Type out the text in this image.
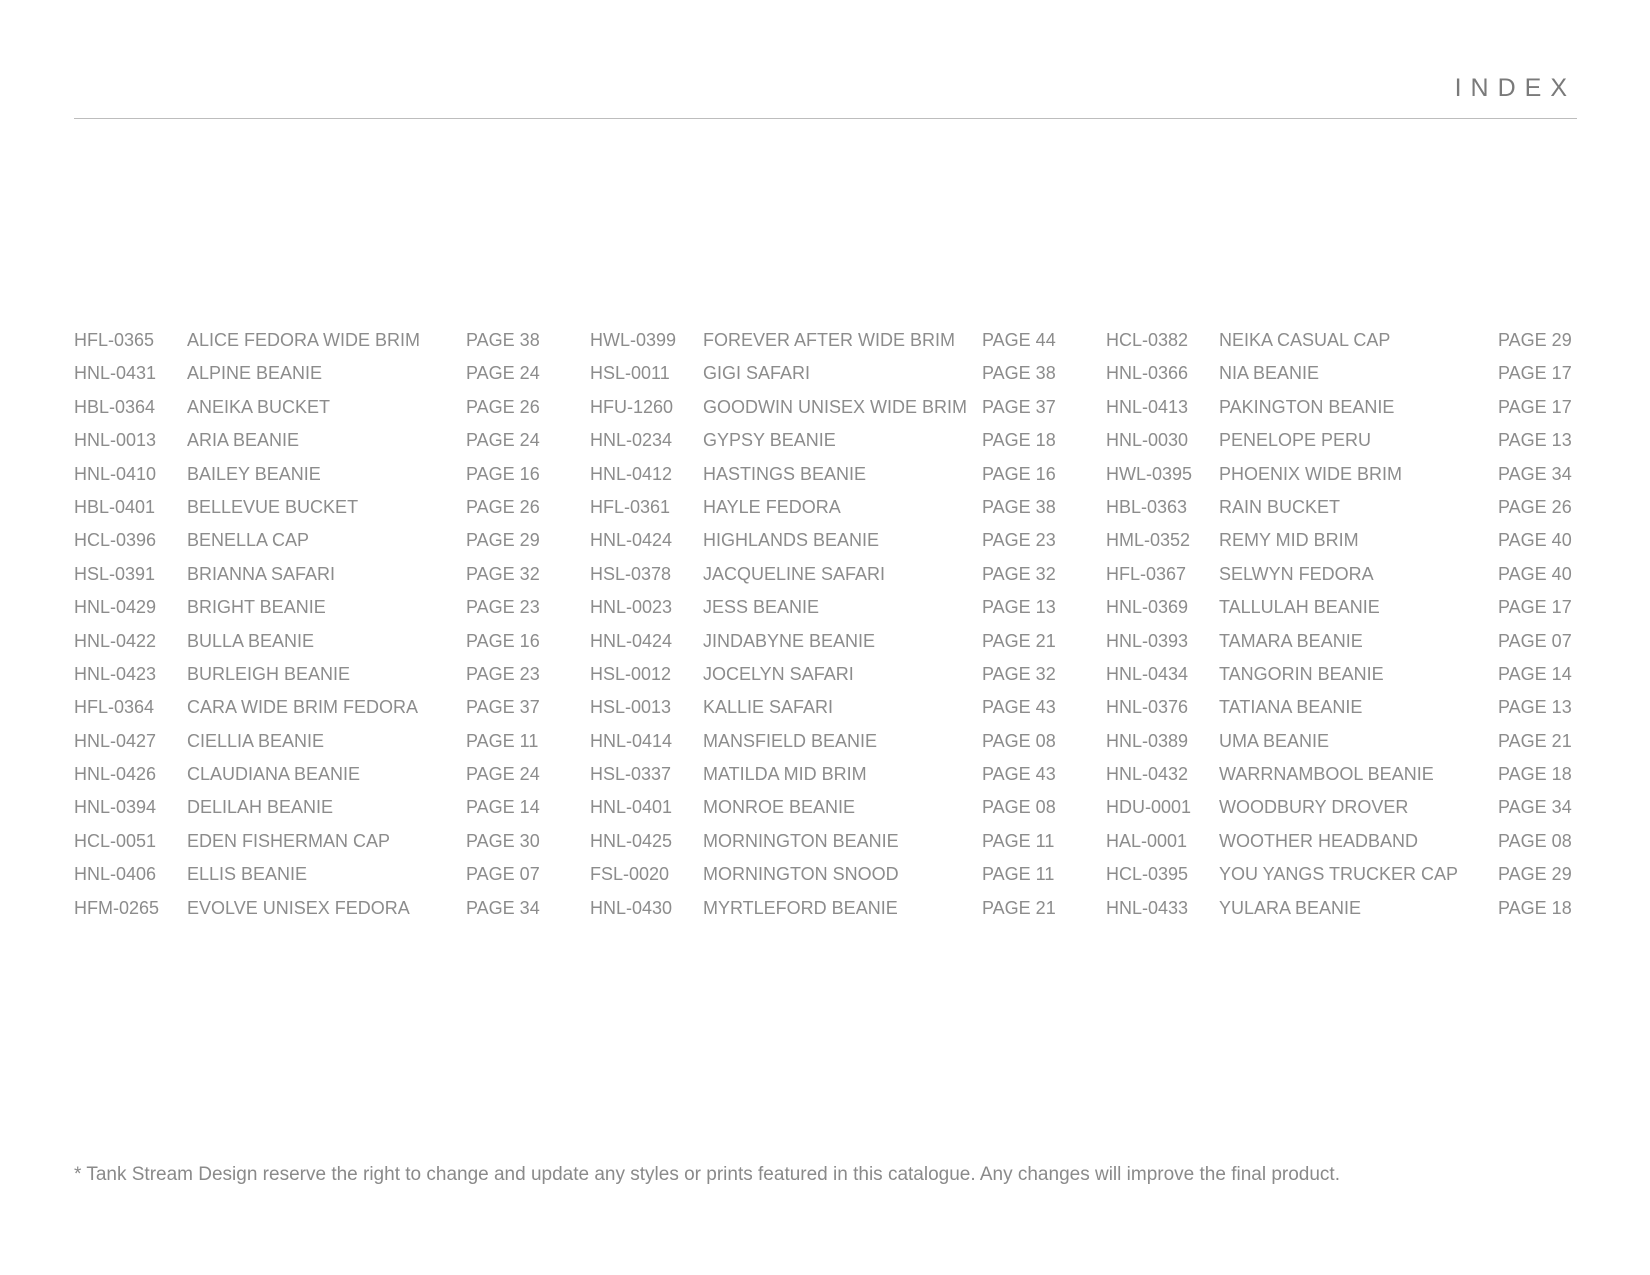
INDEX
HFL-0365 ALICE FEDORA WIDE BRIM	PAGE 38
HNL-0431 ALPINE BEANIE	PAGE 24
HBL-0364 ANEIKA BUCKET	PAGE 26
HNL-0013 ARIA BEANIE	PAGE 24
HNL-0410 BAILEY BEANIE	PAGE 16
HBL-0401 BELLEVUE BUCKET	PAGE 26
HCL-0396 BENELLA CAP	PAGE 29
HSL-0391 BRIANNA SAFARI	PAGE 32
HNL-0429 BRIGHT BEANIE	PAGE 23
HNL-0422 BULLA BEANIE	PAGE 16
HNL-0423 BURLEIGH BEANIE	PAGE 23
HFL-0364 CARA WIDE BRIM FEDORA	PAGE 37
HNL-0427 CIELLIA BEANIE	PAGE 11
HNL-0426 CLAUDIANA BEANIE	PAGE 24
HNL-0394 DELILAH BEANIE	PAGE 14
HCL-0051 EDEN FISHERMAN CAP	PAGE 30
HNL-0406 ELLIS BEANIE	PAGE 07
HFM-0265 EVOLVE UNISEX FEDORA	PAGE 34
HWL-0399 FOREVER AFTER WIDE BRIM PAGE 44
HSL-0011 GIGI SAFARI	PAGE 38
HFU-1260 GOODWIN UNISEX WIDE BRIM PAGE 37
HNL-0234 GYPSY BEANIE	PAGE 18
HNL-0412 HASTINGS BEANIE	PAGE 16
HFL-0361 HAYLE FEDORA	PAGE 38
HNL-0424 HIGHLANDS BEANIE	PAGE 23
HSL-0378 JACQUELINE SAFARI	PAGE 32
HNL-0023 JESS BEANIE	PAGE 13
HNL-0424 JINDABYNE BEANIE	PAGE 21
HSL-0012 JOCELYN SAFARI	PAGE 32
HSL-0013 KALLIE SAFARI	PAGE 43
HNL-0414 MANSFIELD BEANIE	PAGE 08
HSL-0337 MATILDA MID BRIM	PAGE 43
HNL-0401 MONROE BEANIE	PAGE 08
HNL-0425 MORNINGTON BEANIE	PAGE 11
FSL-0020 MORNINGTON SNOOD	PAGE 11
HNL-0430 MYRTLEFORD BEANIE	PAGE 21
HCL-0382 NEIKA CASUAL CAP	PAGE 29
HNL-0366 NIA BEANIE	PAGE 17
HNL-0413 PAKINGTON BEANIE	PAGE 17
HNL-0030 PENELOPE PERU	PAGE 13
HWL-0395 PHOENIX WIDE BRIM	PAGE 34
HBL-0363 RAIN BUCKET	PAGE 26
HML-0352 REMY MID BRIM	PAGE 40
HFL-0367 SELWYN FEDORA	PAGE 40
HNL-0369 TALLULAH BEANIE	PAGE 17
HNL-0393 TAMARA BEANIE	PAGE 07
HNL-0434 TANGORIN BEANIE	PAGE 14
HNL-0376 TATIANA BEANIE	PAGE 13
HNL-0389 UMA BEANIE	PAGE 21
HNL-0432 WARRNAMBOOL BEANIE	PAGE 18
HDU-0001 WOODBURY DROVER	PAGE 34
HAL-0001 WOOTHER HEADBAND	PAGE 08
HCL-0395 YOU YANGS TRUCKER CAP PAGE 29
HNL-0433 YULARA BEANIE	PAGE 18

* Tank Stream Design reserve the right to change and update any styles or prints featured in this catalogue. Any changes will improve the final product.
